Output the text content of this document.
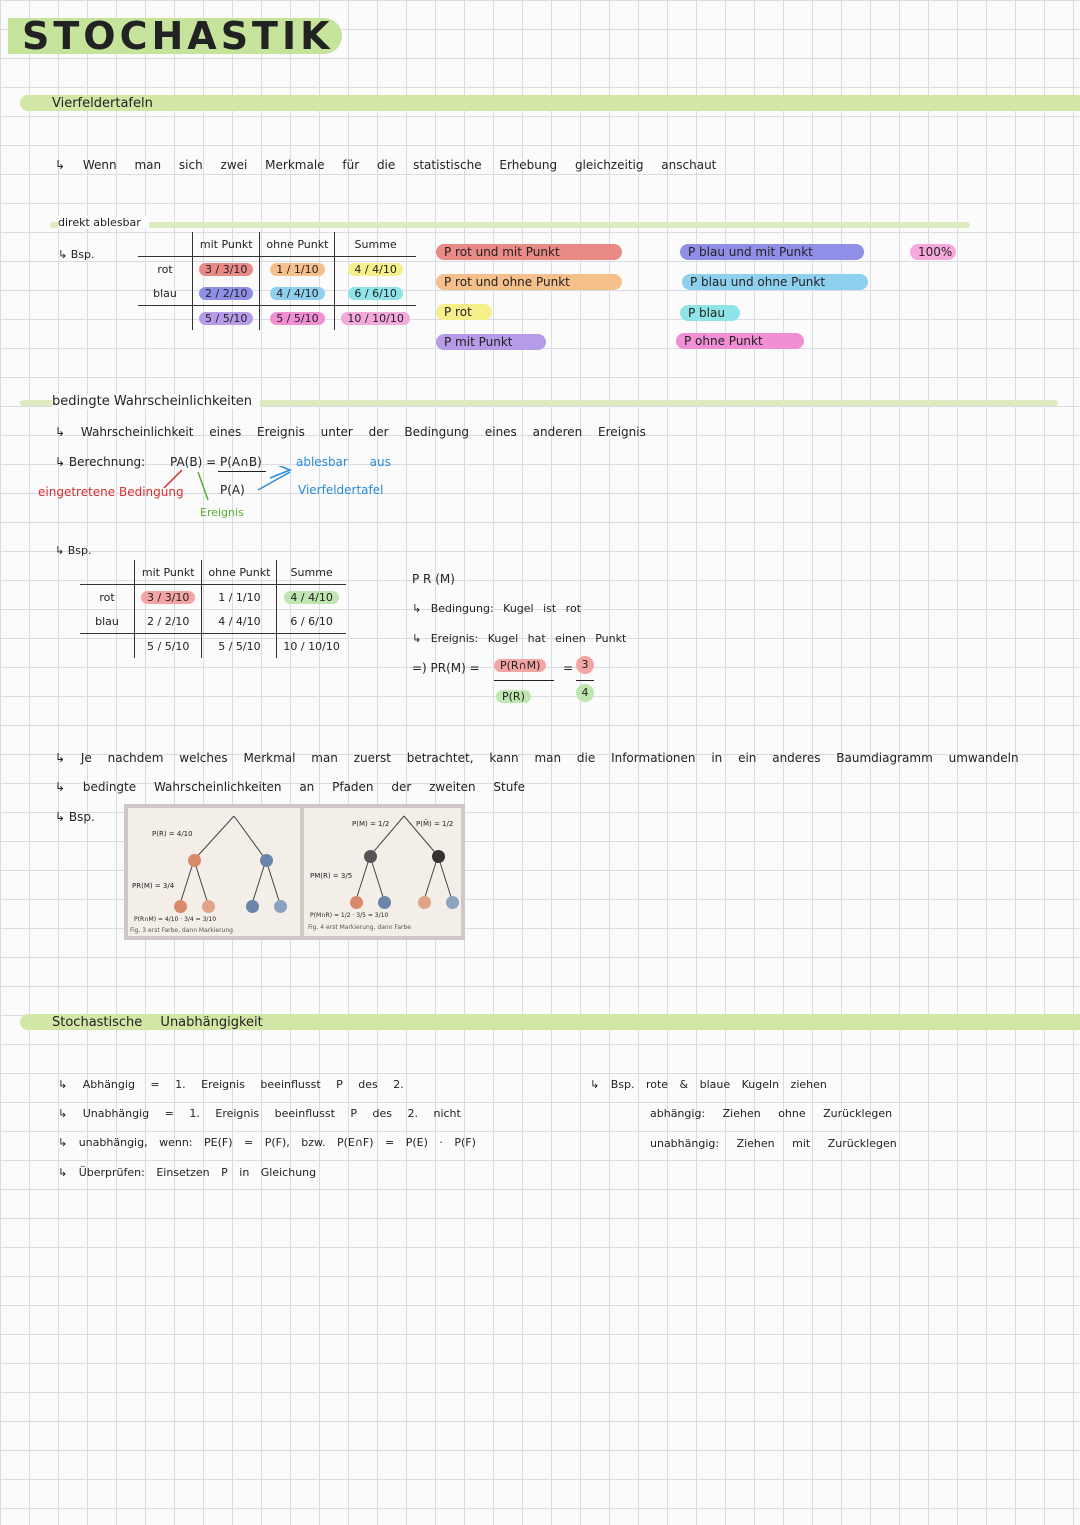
STOCHASTIK
Vierfeldertafeln
↳ Wenn man sich zwei Merkmale für die statistische Erhebung gleichzeitig anschaut
direkt ablesbar
↳ Bsp.
	mit Punkt	ohne Punkt	Summe
rot	3 / 3/10	1 / 1/10	4 / 4/10
blau	2 / 2/10	4 / 4/10	6 / 6/10
	5 / 5/10	5 / 5/10	10 / 10/10
P rot und mit Punkt
P rot und ohne Punkt
P rot
P mit Punkt
P blau und mit Punkt
P blau und ohne Punkt
P blau
P ohne Punkt
100%
bedingte Wahrscheinlichkeiten
↳ Wahrscheinlichkeit eines Ereignis unter der Bedingung eines anderen Ereignis
↳ Berechnung: PA(B) = P(A∩B)
P(A)
ablesbar aus
Vierfeldertafel
eingetretene Bedingung
Ereignis
↳ Bsp.
	mit Punkt	ohne Punkt	Summe
rot	3 / 3/10	1 / 1/10	4 / 4/10
blau	2 / 2/10	4 / 4/10	6 / 6/10
	5 / 5/10	5 / 5/10	10 / 10/10
P R (M)
↳ Bedingung: Kugel ist rot
↳ Ereignis: Kugel hat einen Punkt
=) PR(M) =	P(R∩M)
P(R)
= 3
4
↳ Je nachdem welches Merkmal man zuerst betrachtet, kann man die Informationen in ein anderes Baumdiagramm umwandeln
↳ bedingte Wahrscheinlichkeiten an Pfaden der zweiten Stufe
↳ Bsp.
P(R) = 4/10
PR(M) = 3/4
P(R∩M) = 4/10 · 3/4 = 3/10
Fig. 3 erst Farbe, dann Markierung
P(M) = 1/2	P(M̄) = 1/2
PM(R) = 3/5
P(M∩R) = 1/2 · 3/5 = 3/10
Fig. 4 erst Markierung, dann Farbe
Stochastische Unabhängigkeit
↳ Abhängig = 1. Ereignis beeinflusst P des 2.
↳ Unabhängig = 1. Ereignis beeinflusst P des 2. nicht
↳ unabhängig, wenn: PE(F) = P(F), bzw. P(E∩F) = P(E) · P(F)
↳ Überprüfen: Einsetzen P in Gleichung
↳ Bsp. rote & blaue Kugeln ziehen
abhängig: Ziehen ohne Zurücklegen
unabhängig: Ziehen mit Zurücklegen
